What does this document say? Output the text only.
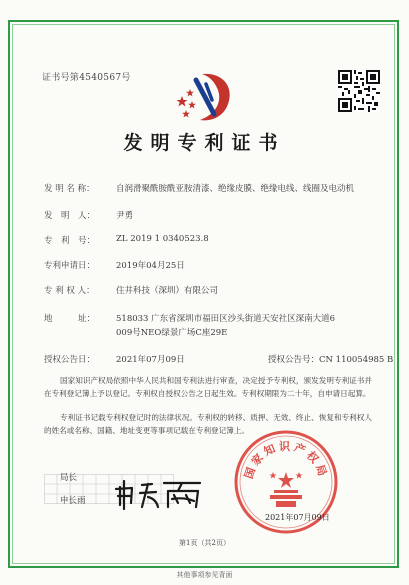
证书号第4540567号
发明专利证书
发 明 名 称：	自润滑聚酰胺酰亚胺清漆、绝缘皮膜、绝缘电线、线圈及电动机
发　明　人： 尹勇
专　利　号： ZL 2019 1 0340523.8
专利申请日： 2019年04月25日
专 利 权 人：	住井科技（深圳）有限公司
地　　　址： 518033 广东省深圳市福田区沙头街道天安社区深南大道6
009号NEO绿景广场C座29E
授权公告日： 2021年07月09日	授权公告号：CN 110054985 B
国家知识产权局依照中华人民共和国专利法进行审查，决定授予专利权，颁发发明专利证书并在专利登记簿上予以登记。专利权自授权公告之日起生效。专利权期限为二十年，自申请日起算。
专利证书记载专利权登记时的法律状况。专利权的转移、质押、无效、终止、恢复和专利权人的姓名或名称、国籍、地址变更等事项记载在专利登记簿上。
国家知识产权局
局长
申长雨
2021年07月09日
第1页（共2页）
其他事项参见背面
